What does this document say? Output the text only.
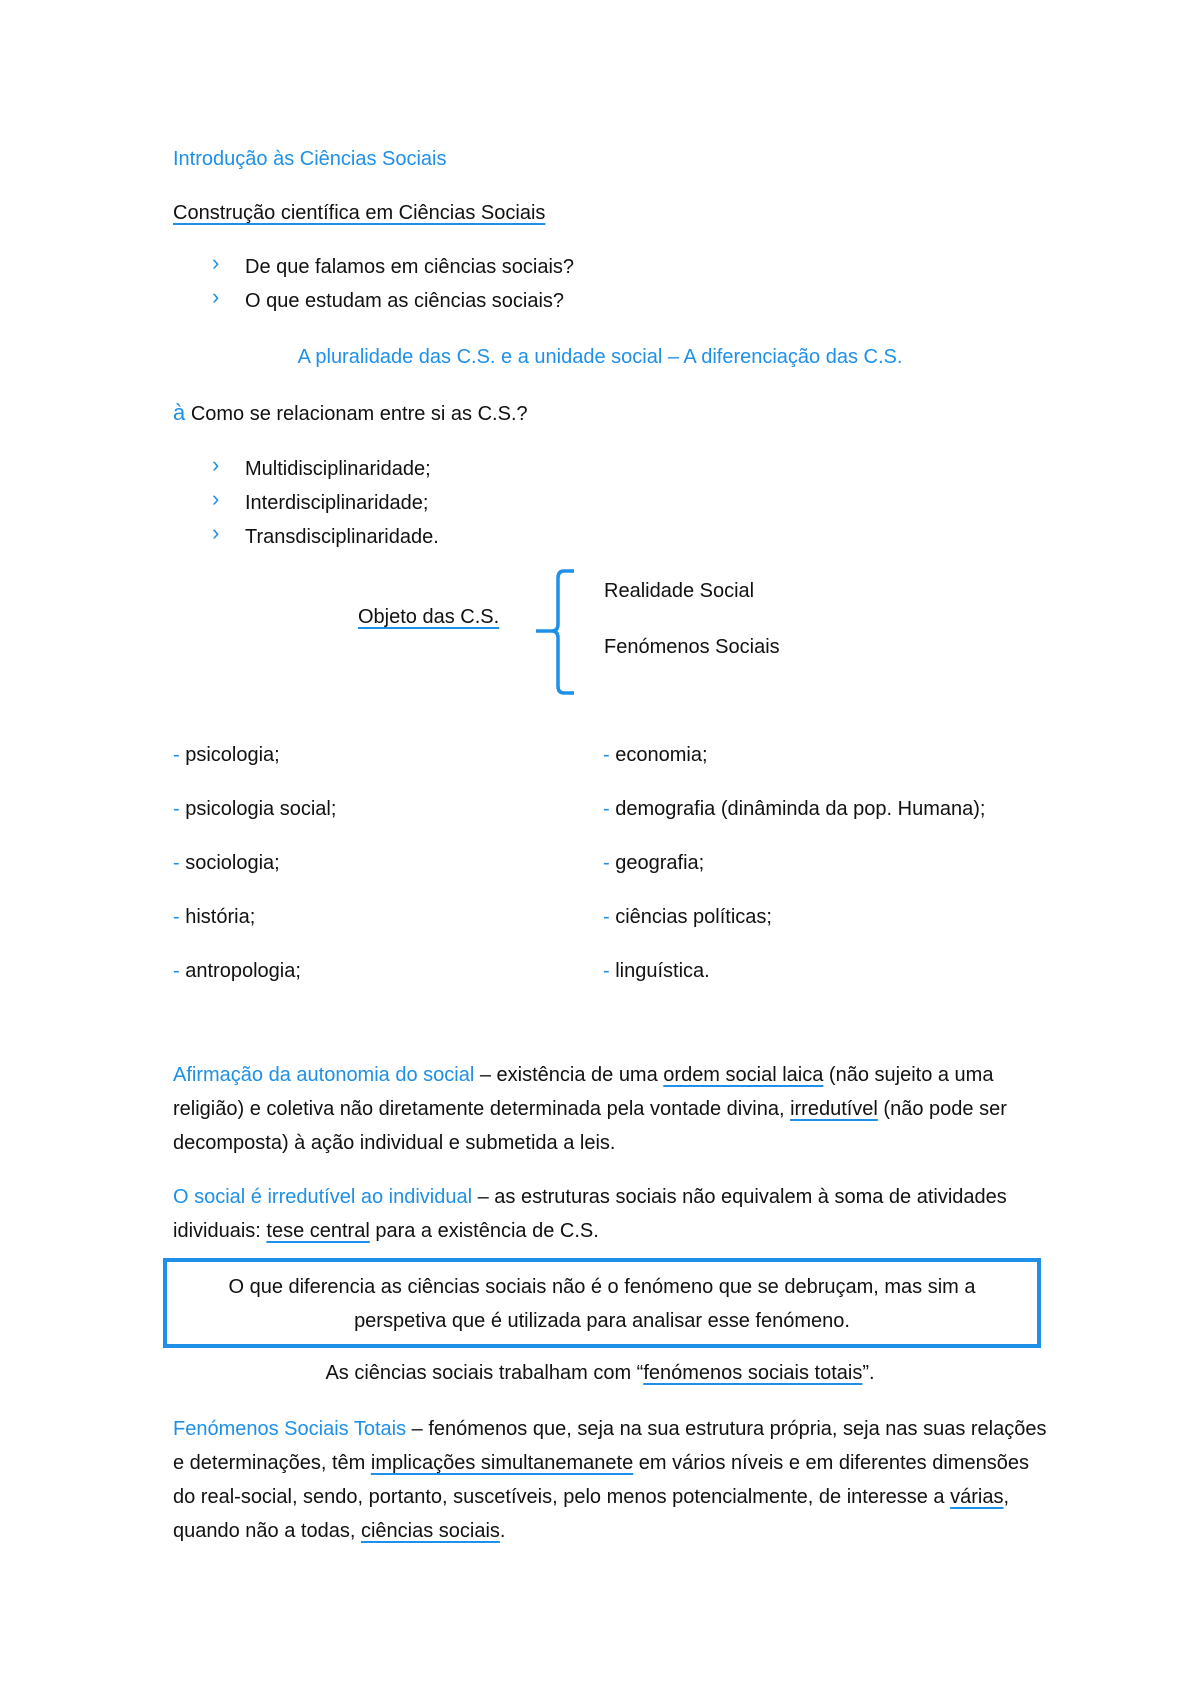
Introdução às Ciências Sociais
Construção científica em Ciências Sociais
› De que falamos em ciências sociais?
› O que estudam as ciências sociais?
A pluralidade das C.S. e a unidade social – A diferenciação das C.S.
à Como se relacionam entre si as C.S.?
› Multidisciplinaridade;
› Interdisciplinaridade;
› Transdisciplinaridade.
Objeto das C.S.
Realidade Social
Fenómenos Sociais
- psicologia;
- psicologia social;
- sociologia;
- história;
- antropologia;
- economia;
- demografia (dinâminda da pop. Humana);
- geografia;
- ciências políticas;
- linguística.

Afirmação da autonomia do social – existência de uma ordem social laica (não sujeito a uma religião) e coletiva não diretamente determinada pela vontade divina, irredutível (não pode ser decomposta) à ação individual e submetida a leis.

O social é irredutível ao individual – as estruturas sociais não equivalem à soma de atividades idividuais: tese central para a existência de C.S.

O que diferencia as ciências sociais não é o fenómeno que se debruçam, mas sim a
perspetiva que é utilizada para analisar esse fenómeno.
As ciências sociais trabalham com “fenómenos sociais totais”.

Fenómenos Sociais Totais – fenómenos que, seja na sua estrutura própria, seja nas suas relações e determinações, têm implicações simultanemanete em vários níveis e em diferentes dimensões do real-social, sendo, portanto, suscetíveis, pelo menos potencialmente, de interesse a várias, quando não a todas, ciências sociais.
